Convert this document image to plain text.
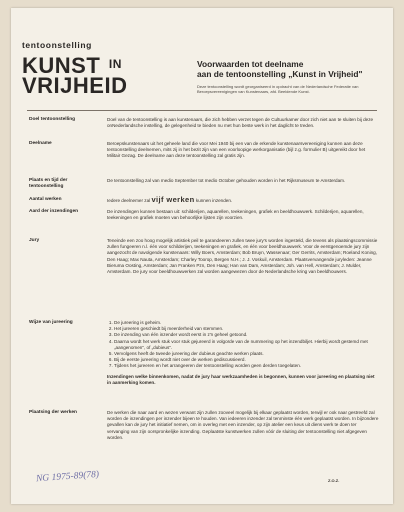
tentoonstelling
KUNST $^{IN}$
VRIJHEID
Voorwaarden tot deelname
aan de tentoonstelling „Kunst in Vrijheid"
Deze tentoonstelling wordt georganiseerd in opdracht van de Nederlandsche Federatie van Beroepsvereenigingen van Kunstenaars, afd. Beeldende Kunst.
Doel tentoonstelling	Doel van de tentoonstelling is aan kunstenaars, die zich hebben verzet tegen de Cultuurkamer door zich niet aan te sluiten bij deze onNederlandsche instelling, de gelegenheid te bieden nu met hun beste werk in het daglicht te treden.
Deelname	Beroepskunstenaars uit het geheele land die voor Mei 1940 bij een van de erkende kunstenaarsvereeniging kunnen aan deze tentoonstelling deelnemen, mits zij in het bezit zijn van een voorloopige werkorganisatie (bijl z.g. formulier B) uitgereikt door het Militair Gezag. De deelname aan deze tentoonstelling zal gratis zijn.
Plaats en tijd der tentoonstelling
De tentoonstelling zal van medio September tot medio October gehouden worden in het Rijksmuseum te Amsterdam.
Aantal werken	Iedere deelnemer zal vijf werken kunnen inzenden.
Aard der inzendingen	De inzendingen kunnen bestaan uit: schilderijen, aquarellen, teekeningen, grafiek en beeldhouwwerk. Schilderijen, aquarellen, teekeningen en grafiek moeten van behoorlijke lijsten zijn voorzien.
Jury	Teneinde een zoo hoog mogelijk artistiek peil te garandeeren zullen twee jury's worden ingesteld, die tevens als plaatsingscommissie zullen fungeeren n.l. één voor schilderijen, teekeningen en grafiek, en één voor beeldhouwwerk. Voor de eerstgenoemde jury zijn aangezocht de navolgende kunstenaars: Willy Boers, Amsterdam; Bob Bruyn, Wassenaar; Ger Gerrits, Amsterdam; Roeland Koning, Den Haag; Max Nauta, Amsterdam; Charley Toorop, Bergen N.H.; J. J. Voskuil, Amsterdam. Plaatsvervangende juryleden: Jeanne Bieruma Oosting, Amsterdam; Jan Franken Pzn, Den Haag; Han van Dam, Amsterdam; Joh. van Hell, Amsterdam; J. Mulder, Amsterdam. De jury voor beeldhouwwerken zal worden aangewezen door de Nederlandsche kring van beeldhouwers.
Wijze van jureering
1.	De jureering is geheim.
2. Het jureeren geschiedt bij meerderheid van stemmen.
3. De inzending van één inzender wordt eerst in z'n geheel getoond.
4. Daarna wordt het werk stuk voor stuk gejureerd in volgorde van de nummering op het inzendbiljet. Hierbij wordt gestemd met „aangenomen", of „dubieus".
5. Vervolgens heeft de tweede jureering der dubieus geachte werken plaats.
6. Bij de eerste jureering wordt niet over de werken gediscussieerd.
7. Tijdens het jureeren en het arrangeeren der tentoonstelling worden geen derden toegelaten.

Inzendingen welke binnenkomen, nadat de jury haar werkzaamheden is begonnen, kunnen voor jureering en plaatsing niet in aanmerking komen.

Plaatsing der werken	De werken die naar aard en wezen verwant zijn zullen zooveel mogelijk bij elkaar geplaatst worden, terwijl er ook naar gestreefd zal worden de inzendingen per inzender bijeen te houden. Van iedeeren inzender zal tenminste één werk geplaatst worden. In bijzondere gevallen kan de jury het initiatief nemen, om in overleg met een inzender, op zijn atelier een keus uit diens werk te doen ter vervanging van zijn oorspronkelijke inzending. Geplaatste kunstwerken zullen vóór de sluiting der tentoonstelling niet afgegeven worden.
NG 1975-89(78)	Z.O.Z.
